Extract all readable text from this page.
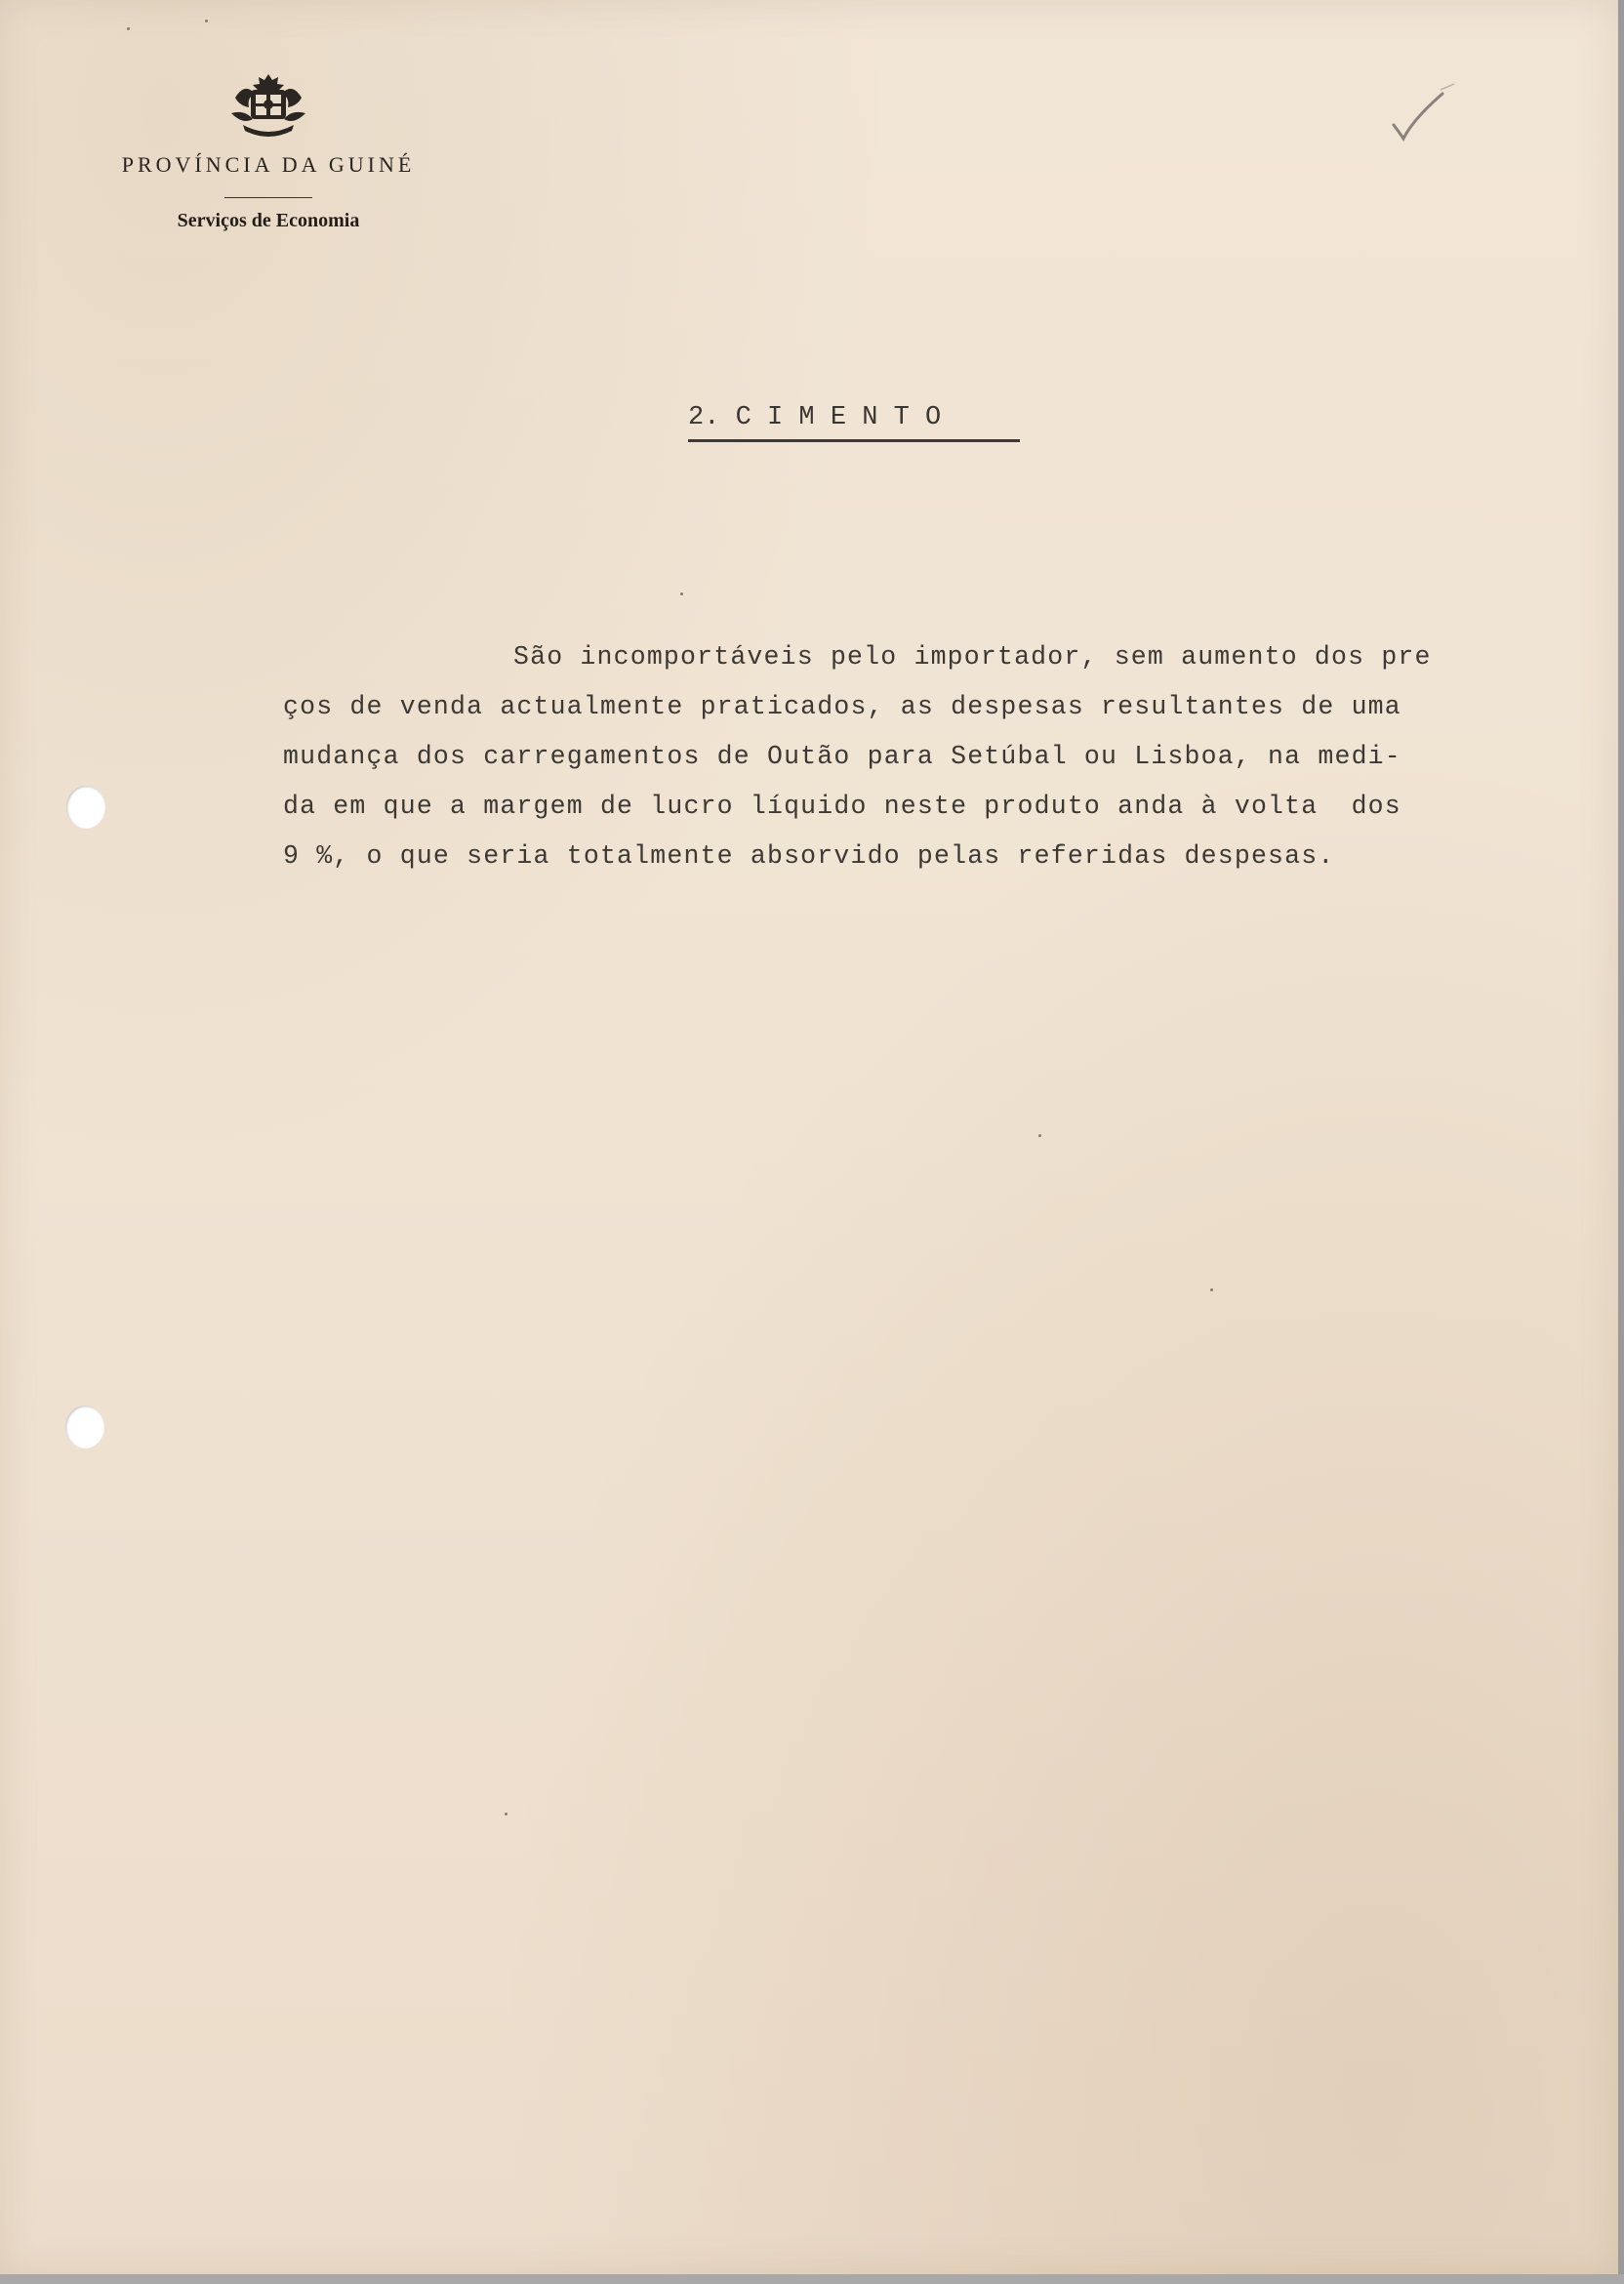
PROVÍNCIA DA GUINÉ
Serviços de Economia
2. C I M E N T O
São incomportáveis pelo importador, sem aumento dos pre
ços de venda actualmente praticados, as despesas resultantes de uma
mudança dos carregamentos de Outão para Setúbal ou Lisboa, na medi-
da em que a margem de lucro líquido neste produto anda à volta  dos
9 %, o que seria totalmente absorvido pelas referidas despesas.
